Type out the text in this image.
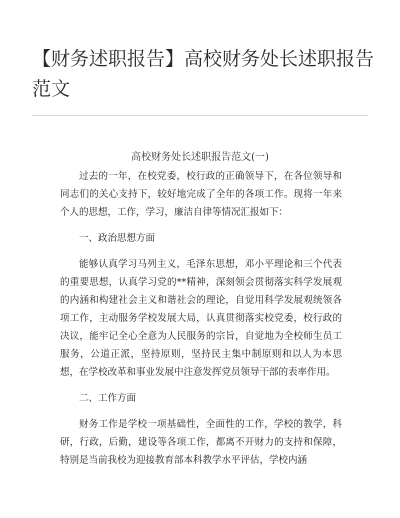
【财务述职报告】高校财务处长述职报告范文
高校财务处长述职报告范文(一)

过去的一年，在校党委，校行政的正确领导下，在各位领导和同志们的关心支持下，较好地完成了全年的各项工作。现将一年来个人的思想，工作，学习，廉洁自律等情况汇报如下：

一、政治思想方面

能够认真学习马列主义，毛泽东思想，邓小平理论和三个代表的重要思想，认真学习党的**精神，深刻领会贯彻落实科学发展观的内涵和构建社会主义和谐社会的理论，自觉用科学发展观统领各项工作，主动服务学校发展大局，认真贯彻落实校党委，校行政的决议，能牢记全心全意为人民服务的宗旨，自觉地为全校师生员工服务，公道正派，坚持原则，坚持民主集中制原则和以人为本思想，在学校改革和事业发展中注意发挥党员领导干部的表率作用。

二、工作方面

财务工作是学校一项基础性，全面性的工作，学校的教学，科研，行政，后勤，建设等各项工作，都离不开财力的支持和保障，特别是当前我校为迎接教育部本科教学水平评估，学校内涵
